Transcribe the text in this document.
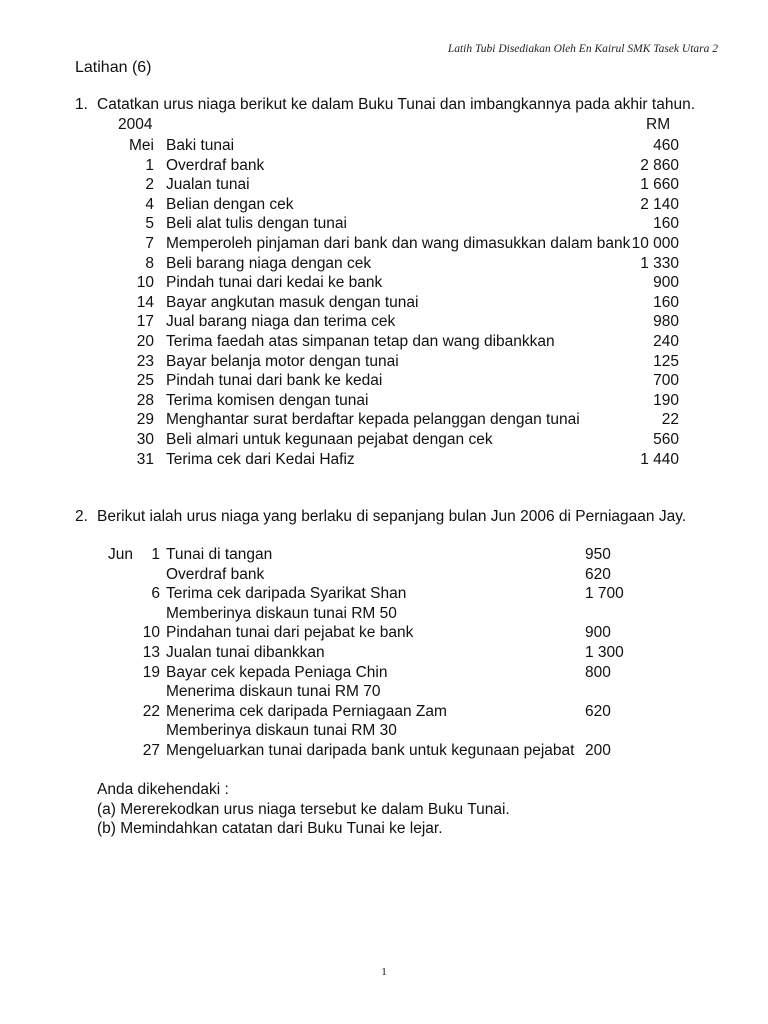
Latih Tubi Disediakan Oleh En Kairul SMK Tasek Utara 2
Latihan (6)
1. Catatkan urus niaga berikut ke dalam Buku Tunai dan imbangkannya pada akhir tahun.
2004	RM
Mei Baki tunai	460
1 Overdraf bank	2 860
2 Jualan tunai	1 660
4 Belian dengan cek	2 140
5 Beli alat tulis dengan tunai	160
7 Memperoleh pinjaman dari bank dan wang dimasukkan dalam bank 10 000
8 Beli barang niaga dengan cek	1 330
10 Pindah tunai dari kedai ke bank	900
14 Bayar angkutan masuk dengan tunai	160
17 Jual barang niaga dan terima cek	980
20 Terima faedah atas simpanan tetap dan wang dibankkan	240
23 Bayar belanja motor dengan tunai	125
25 Pindah tunai dari bank ke kedai	700
28 Terima komisen dengan tunai	190
29 Menghantar surat berdaftar kepada pelanggan dengan tunai	22
30 Beli almari untuk kegunaan pejabat dengan cek	560
31 Terima cek dari Kedai Hafiz	1 440
2. Berikut ialah urus niaga yang berlaku di sepanjang bulan Jun 2006 di Perniagaan Jay.
Jun 1 Tunai di tangan	950
Overdraf bank	620
6 Terima cek daripada Syarikat Shan	1 700
Memberinya diskaun tunai RM 50
10 Pindahan tunai dari pejabat ke bank	900
13 Jualan tunai dibankkan	1 300
19 Bayar cek kepada Peniaga Chin	800
Menerima diskaun tunai RM 70
22 Menerima cek daripada Perniagaan Zam	620
Memberinya diskaun tunai RM 30
27 Mengeluarkan tunai daripada bank untuk kegunaan pejabat 200
Anda dikehendaki :
(a) Mererekodkan urus niaga tersebut ke dalam Buku Tunai.
(b) Memindahkan catatan dari Buku Tunai ke lejar.
1
